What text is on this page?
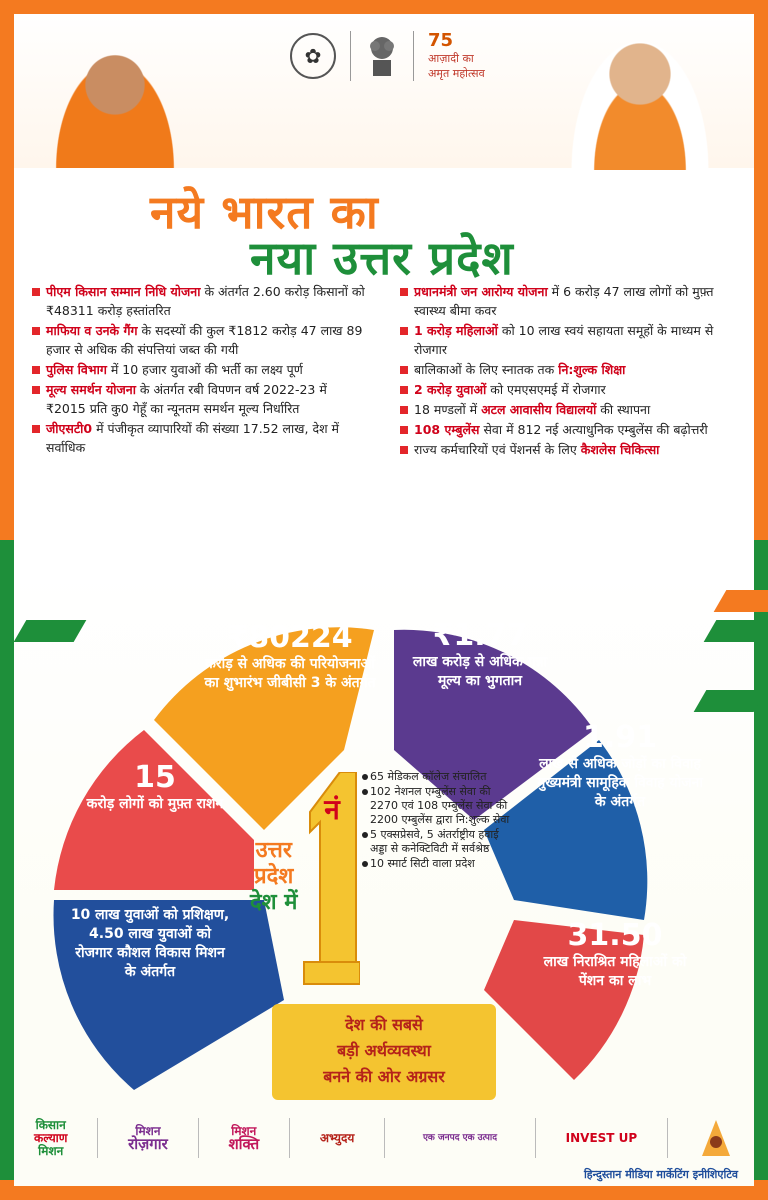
✿
75
आज़ादी का
अमृत महोत्सव
नये भारत का
नया उत्तर प्रदेश
पीएम किसान सम्मान निधि योजना के अंतर्गत 2.60 करोड़ किसानों को ₹48311 करोड़ हस्तांतरित
माफिया व उनके गैंग के सदस्यों की कुल ₹1812 करोड़ 47 लाख 89 हजार से अधिक की संपत्तियां जब्त की गयी
पुलिस विभाग में 10 हजार युवाओं की भर्ती का लक्ष्य पूर्ण
मूल्य समर्थन योजना के अंतर्गत रबी विपणन वर्ष 2022-23 में ₹2015 प्रति कु0 गेहूँ का न्यूनतम समर्थन मूल्य निर्धारित
जीएसटी0 में पंजीकृत व्यापारियों की संख्या 17.52 लाख, देश में सर्वाधिक
प्रधानमंत्री जन आरोग्य योजना में 6 करोड़ 47 लाख लोगों को मुफ़्त स्वास्थ्य बीमा कवर
1 करोड़ महिलाओं को 10 लाख स्वयं सहायता समूहों के माध्यम से रोजगार
बालिकाओं के लिए स्नातक तक नि:शुल्क शिक्षा
2 करोड़ युवाओं को एमएसएमई में रोजगार
18 मण्डलों में अटल आवासीय विद्यालयों की स्थापना
108 एम्बुलेंस सेवा में 812 नई अत्याधुनिक एम्बुलेंस की बढ़ोत्तरी
राज्य कर्मचारियों एवं पेंशनर्स के लिए कैशलेस चिकित्सा
₹80224
करोड़ से अधिक की परियोजनाओं का शुभारंभ जीबीसी 3 के अंतर्गत
₹1.77
लाख करोड़ से अधिक गन्ना मूल्य का भुगतान
1.91
लाख से अधिक जोड़ों का विवाह मुख्यमंत्री सामूहिक विवाह योजना के अंतर्गत
31.50
लाख निराश्रित महिलाओं को पेंशन का लाभ
10 लाख युवाओं को प्रशिक्षण, 4.50 लाख युवाओं को रोजगार कौशल विकास मिशन के अंतर्गत
15
करोड़ लोगों को मुफ़्त राशन	नं
उत्तर
प्रदेश
देश में
65 मेडिकल कॉलेज संचालित
102 नेशनल एम्बुलेंस सेवा की 2270 एवं 108 एम्बुलेंस सेवा की 2200 एम्बुलेंस द्वारा नि:शुल्क सेवा
5 एक्सप्रेसवे, 5 अंतर्राष्ट्रीय हवाई अड्डा से कनेक्टिविटी में सर्वश्रेष्ठ
10 स्मार्ट सिटी वाला प्रदेश
देश की सबसे
बड़ी अर्थव्यवस्था
बनने की ओर अग्रसर
किसान
कल्याण
मिशन
मिशन
रोज़गार
मिशन
शक्ति	अभ्युदय	एक जनपद एक उत्पाद	INVEST UP
हिन्दुस्तान मीडिया मार्केटिंग इनीशिएटिव
